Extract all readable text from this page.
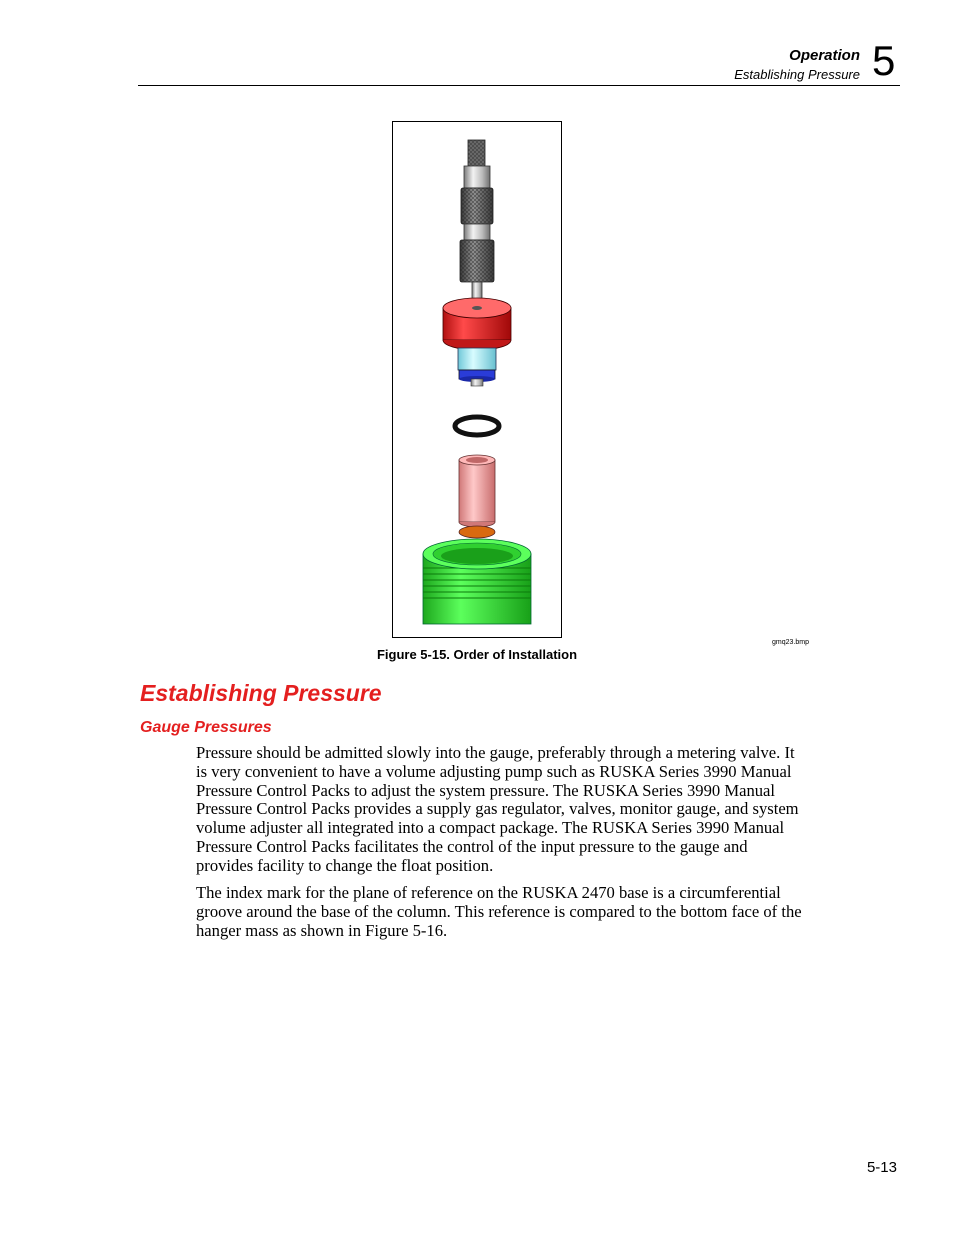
Operation
Establishing Pressure 5
gmq23.bmp
Figure 5-15. Order of Installation
Establishing Pressure
Gauge Pressures

Pressure should be admitted slowly into the gauge, preferably through a metering valve. It is very convenient to have a volume adjusting pump such as RUSKA Series 3990 Manual Pressure Control Packs to adjust the system pressure. The RUSKA Series 3990 Manual Pressure Control Packs provides a supply gas regulator, valves, monitor gauge, and system volume adjuster all integrated into a compact package. The RUSKA Series 3990 Manual Pressure Control Packs facilitates the control of the input pressure to the gauge and provides facility to change the float position.

The index mark for the plane of reference on the RUSKA 2470 base is a circumferential groove around the base of the column. This reference is compared to the bottom face of the hanger mass as shown in Figure 5-16.

5-13
